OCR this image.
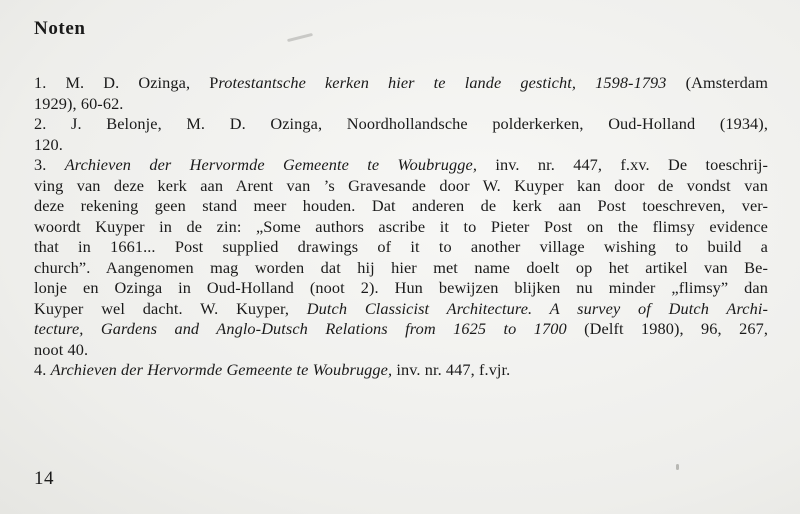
Noten
1. M. D. Ozinga, Protestantsche kerken hier te lande gesticht, 1598-1793 (Amsterdam
1929), 60-62.
2. J. Belonje, M. D. Ozinga, Noordhollandsche polderkerken, Oud-Holland (1934),
120.
3. Archieven der Hervormde Gemeente te Woubrugge, inv. nr. 447, f.xv. De toeschrij-
ving van deze kerk aan Arent van ’s Gravesande door W. Kuyper kan door de vondst van
deze rekening geen stand meer houden. Dat anderen de kerk aan Post toeschreven, ver-
woordt Kuyper in de zin: „Some authors ascribe it to Pieter Post on the flimsy evidence
that in 1661... Post supplied drawings of it to another village wishing to build a
church”. Aangenomen mag worden dat hij hier met name doelt op het artikel van Be-
lonje en Ozinga in Oud-Holland (noot 2). Hun bewijzen blijken nu minder „flimsy” dan
Kuyper wel dacht. W. Kuyper, Dutch Classicist Architecture. A survey of Dutch Archi-
tecture, Gardens and Anglo-Dutsch Relations from 1625 to 1700 (Delft 1980), 96, 267,
noot 40.
4. Archieven der Hervormde Gemeente te Woubrugge, inv. nr. 447, f.vjr.
14
